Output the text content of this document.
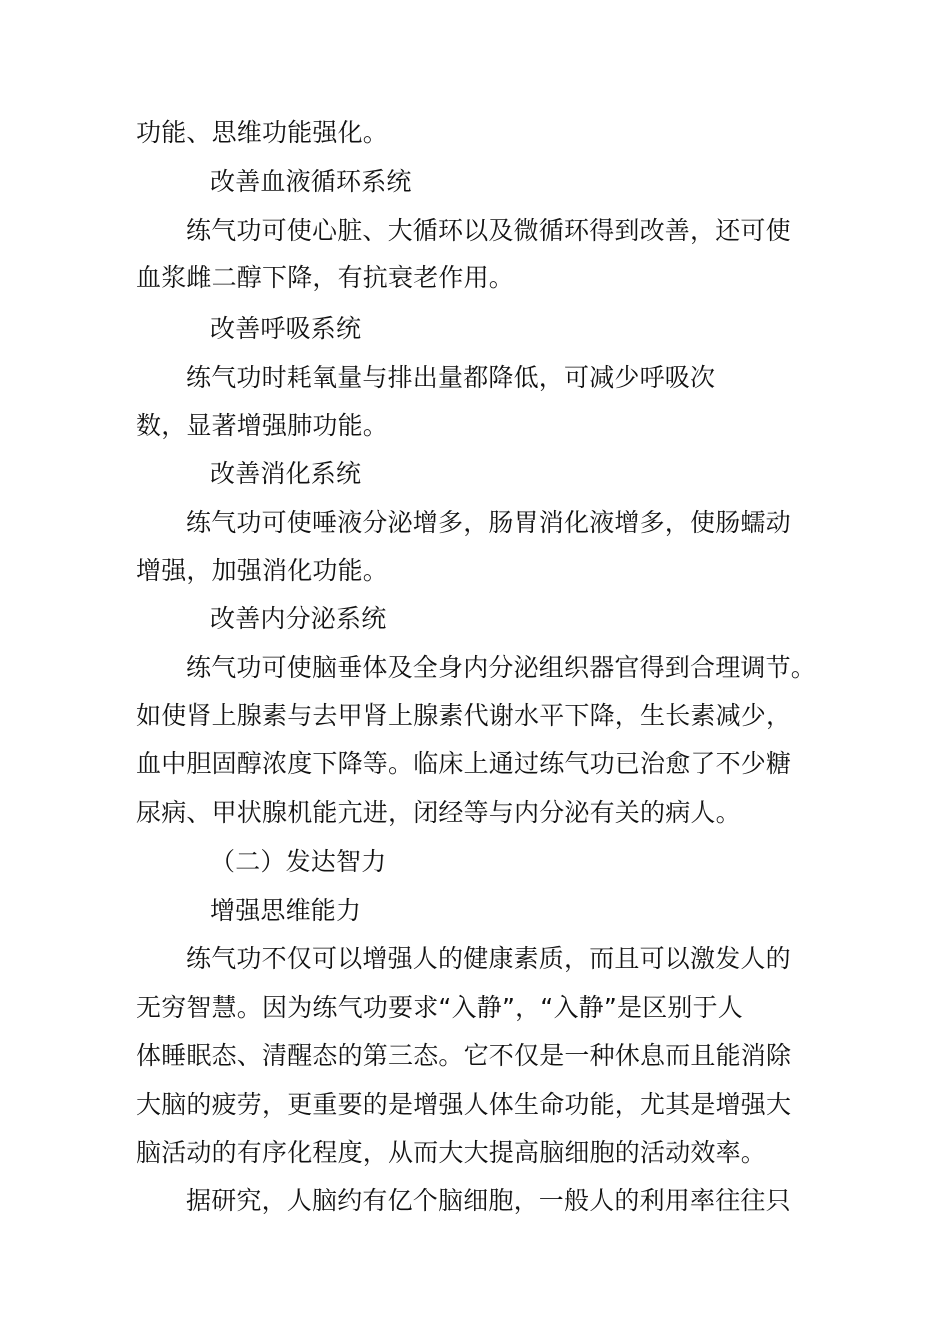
功能、思维功能强化。
改善血液循环系统
练气功可使心脏、大循环以及微循环得到改善，还可使
血浆雌二醇下降，有抗衰老作用。
改善呼吸系统
练气功时耗氧量与排出量都降低，可减少呼吸次
数，显著增强肺功能。
改善消化系统
练气功可使唾液分泌增多，肠胃消化液增多，使肠蠕动
增强，加强消化功能。
改善内分泌系统
练气功可使脑垂体及全身内分泌组织器官得到合理调节。
如使肾上腺素与去甲肾上腺素代谢水平下降，生长素减少，
血中胆固醇浓度下降等。临床上通过练气功已治愈了不少糖
尿病、甲状腺机能亢进，闭经等与内分泌有关的病人。
（二）发达智力
增强思维能力
练气功不仅可以增强人的健康素质，而且可以激发人的
无穷智慧。因为练气功要求“入静”，“入静”是区别于人
体睡眠态、清醒态的第三态。它不仅是一种休息而且能消除
大脑的疲劳，更重要的是增强人体生命功能，尤其是增强大
脑活动的有序化程度，从而大大提高脑细胞的活动效率。
据研究，人脑约有亿个脑细胞，一般人的利用率往往只
